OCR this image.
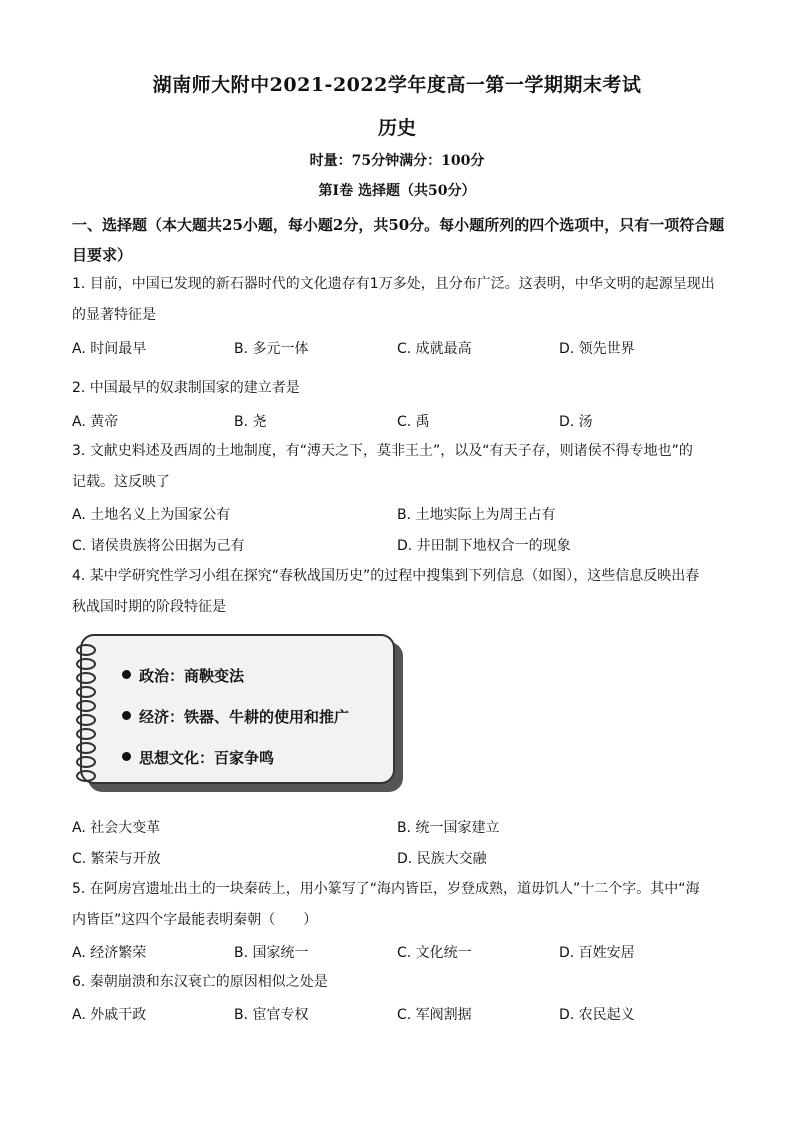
湖南师大附中2021-2022学年度高一第一学期期末考试
历史
时量：75分钟满分：100分
第I卷 选择题（共50分）
一、选择题（本大题共25小题，每小题2分，共50分。每小题所列的四个选项中，只有一项符合题目要求）
1. 目前，中国已发现的新石器时代的文化遗存有1万多处，且分布广泛。这表明，中华文明的起源呈现出
的显著特征是
A. 时间最早	B. 多元一体	C. 成就最高	D. 领先世界
2. 中国最早的奴隶制国家的建立者是
A. 黄帝	B. 尧	C. 禹	D. 汤
3. 文献史料述及西周的土地制度，有“溥天之下，莫非王土”，以及“有天子存，则诸侯不得专地也”的
记载。这反映了
A. 土地名义上为国家公有	B. 土地实际上为周王占有
C. 诸侯贵族将公田据为己有	D. 井田制下地权合一的现象
4. 某中学研究性学习小组在探究“春秋战国历史”的过程中搜集到下列信息（如图），这些信息反映出春
秋战国时期的阶段特征是
政治：商鞅变法
经济：铁器、牛耕的使用和推广
思想文化：百家争鸣
A. 社会大变革	B. 统一国家建立
C. 繁荣与开放	D. 民族大交融
5. 在阿房宫遗址出土的一块秦砖上，用小篆写了“海内皆臣，岁登成熟，道毋饥人”十二个字。其中“海
内皆臣”这四个字最能表明秦朝（　　）
A. 经济繁荣	B. 国家统一	C. 文化统一	D. 百姓安居
6. 秦朝崩溃和东汉衰亡的原因相似之处是
A. 外戚干政	B. 宦官专权	C. 军阀割据	D. 农民起义
